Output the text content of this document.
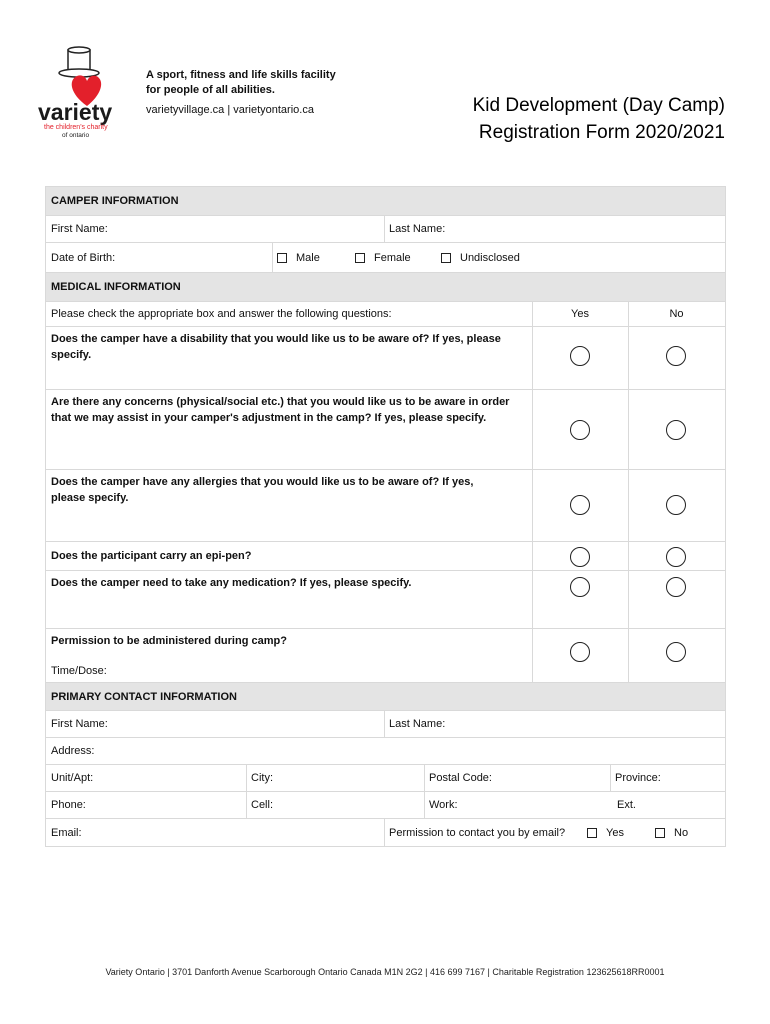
variety
the children's charity
of ontario
A sport, fitness and life skills facility for people of all abilities.
varietyvillage.ca | varietyontario.ca	Kid Development (Day Camp)
Registration Form 2020/2021
CAMPER INFORMATION
First Name:	Last Name:
Date of Birth:	Male	Female	Undisclosed
MEDICAL INFORMATION
Please check the appropriate box and answer the following questions:	Yes	No
Does the camper have a disability that you would like us to be aware of? If yes, please specify.
Are there any concerns (physical/social etc.) that you would like us to be aware in order that we may assist in your camper's adjustment in the camp? If yes, please specify.
Does the camper have any allergies that you would like us to be aware of? If yes, please specify.
Does the participant carry an epi-pen?
Does the camper need to take any medication? If yes, please specify.
Permission to be administered during camp?
Time/Dose:
PRIMARY CONTACT INFORMATION
First Name:	Last Name:
Address:
Unit/Apt:	City:	Postal Code:	Province:
Phone:	Cell:	Work:	Ext.
Email:	Permission to contact you by email?	Yes	No
Variety Ontario | 3701 Danforth Avenue Scarborough Ontario Canada M1N 2G2 | 416 699 7167 | Charitable Registration 123625618RR0001
